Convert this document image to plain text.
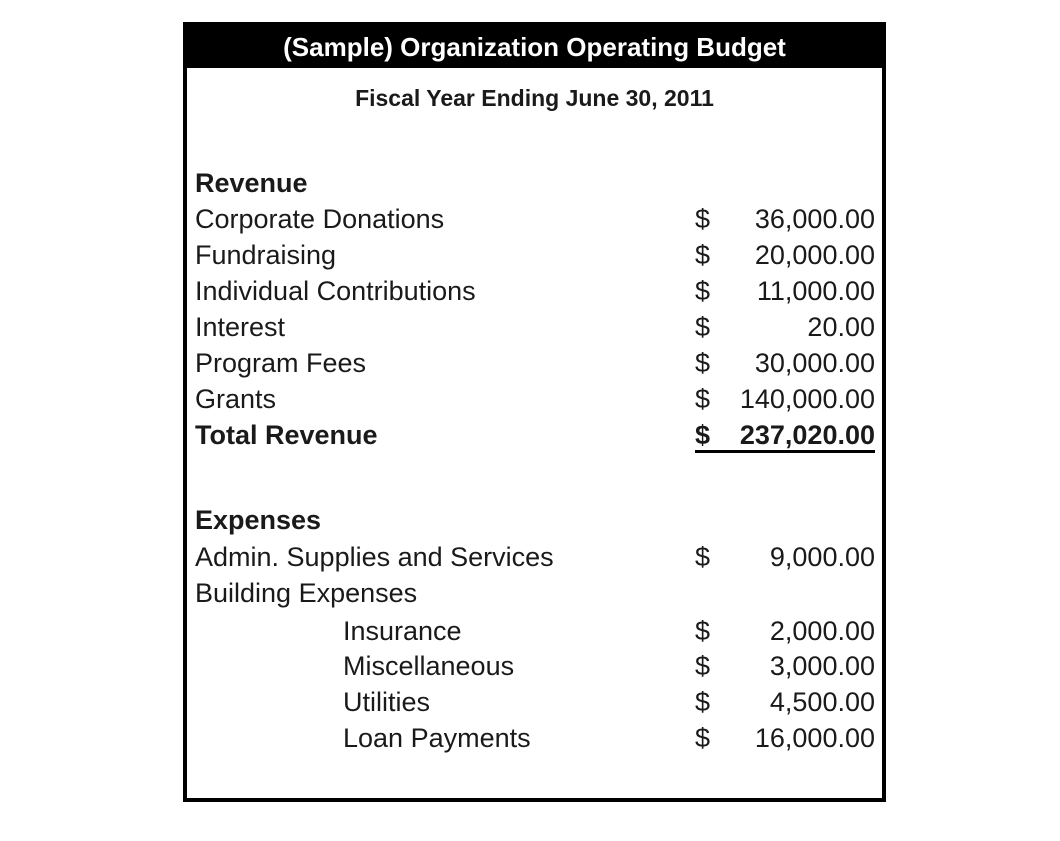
(Sample) Organization Operating Budget
Fiscal Year Ending June 30, 2011
Revenue
Corporate Donations	$ 36,000.00
Fundraising	$ 20,000.00
Individual Contributions	$ 11,000.00
Interest	$	20.00
Program Fees	$ 30,000.00
Grants	$ 140,000.00
Total Revenue	$ 237,020.00
Expenses
Admin. Supplies and Services	$ 9,000.00
Building Expenses
Insurance	$ 2,000.00
Miscellaneous	$ 3,000.00
Utilities	$ 4,500.00
Loan Payments	$ 16,000.00
